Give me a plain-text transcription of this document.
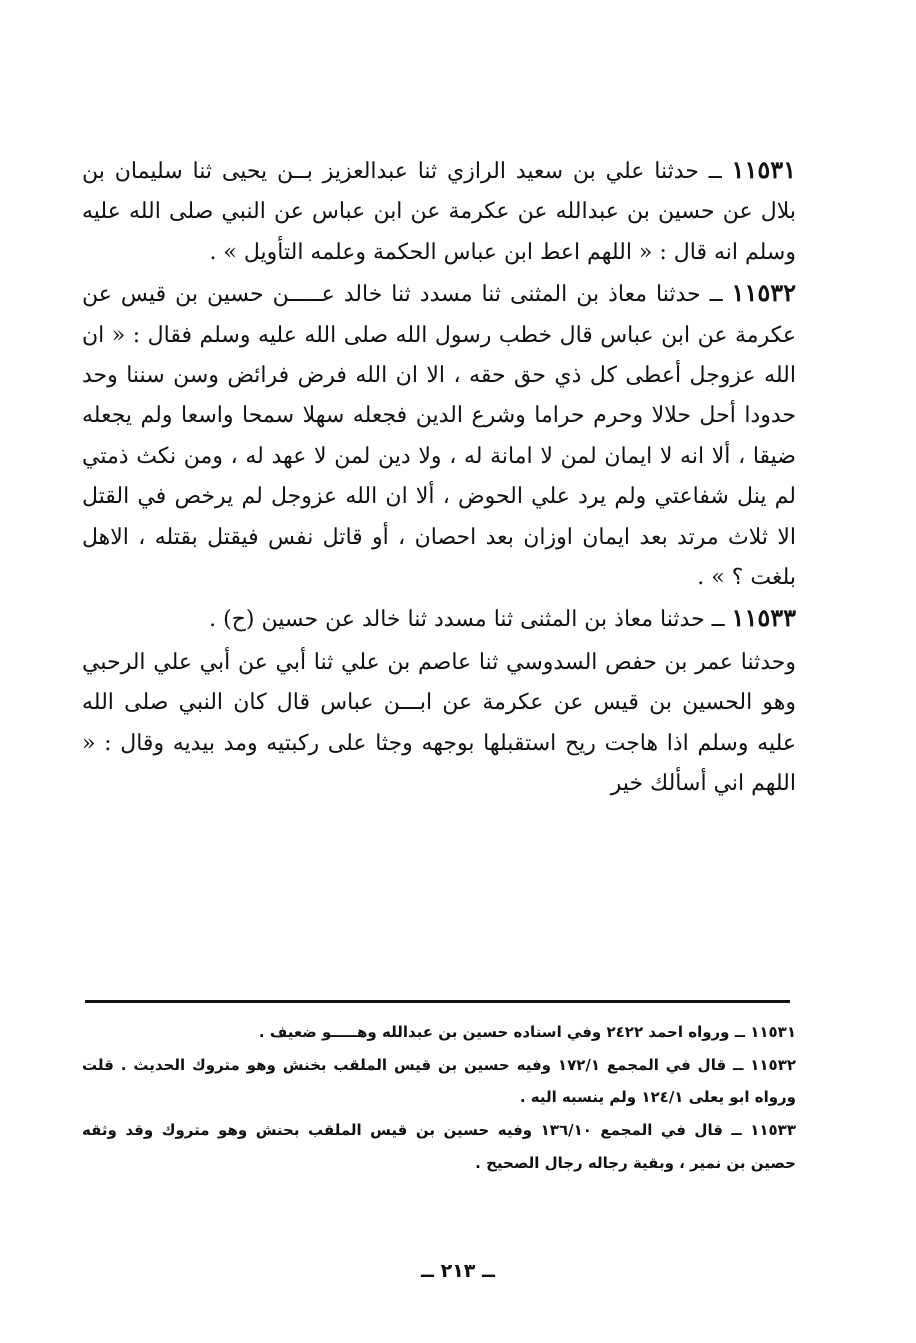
١١٥٣١ ــ حدثنا علي بن سعيد الرازي ثنا عبدالعزيز بــن يحيى ثنا سليمان بن بلال عن حسين بن عبدالله عن عكرمة عن ابن عباس عن النبي صلى الله عليه وسلم انه قال : « اللهم اعط ابن عباس الحكمة وعلمه التأويل » .

١١٥٣٢ ــ حدثنا معاذ بن المثنى ثنا مسدد ثنا خالد عـــــن حسين بن قيس عن عكرمة عن ابن عباس قال خطب رسول الله صلى الله عليه وسلم فقال : « ان الله عزوجل أعطى كل ذي حق حقه ، الا ان الله فرض فرائض وسن سننا وحد حدودا أحل حلالا وحرم حراما وشرع الدين فجعله سهلا سمحا واسعا ولم يجعله ضيقا ، ألا انه لا ايمان لمن لا امانة له ، ولا دين لمن لا عهد له ، ومن نكث ذمتي لم ينل شفاعتي ولم يرد علي الحوض ، ألا ان الله عزوجل لم يرخص في القتل الا ثلاث مرتد بعد ايمان اوزان بعد احصان ، أو قاتل نفس فيقتل بقتله ، الاهل بلغت ؟ » .

١١٥٣٣ ــ حدثنا معاذ بن المثنى ثنا مسدد ثنا خالد عن حسين (ح) .

وحدثنا عمر بن حفص السدوسي ثنا عاصم بن علي ثنا أبي عن أبي علي الرحبي وهو الحسين بن قيس عن عكرمة عن ابـــن عباس قال كان النبي صلى الله عليه وسلم اذا هاجت ريح استقبلها بوجهه وجثا على ركبتيه ومد بيديه وقال : « اللهم اني أسألك خير

١١٥٣١ ــ ورواه احمد ٢٤٢٢ وفي اسناده حسين بن عبدالله وهـــــو ضعيف .

١١٥٣٢ ــ قال في المجمع ١٧٢/١ وفيه حسين بن قيس الملقب بخنش وهو متروك الحديث . قلت ورواه ابو يعلى ١٢٤/١ ولم ينسبه اليه .

١١٥٣٣ ــ قال في المجمع ١٣٦/١٠ وفيه حسين بن قيس الملقب بحنش وهو متروك وقد وثقه حصين بن نمير ، وبقية رجاله رجال الصحيح .

ــ ٢١٣ ــ
